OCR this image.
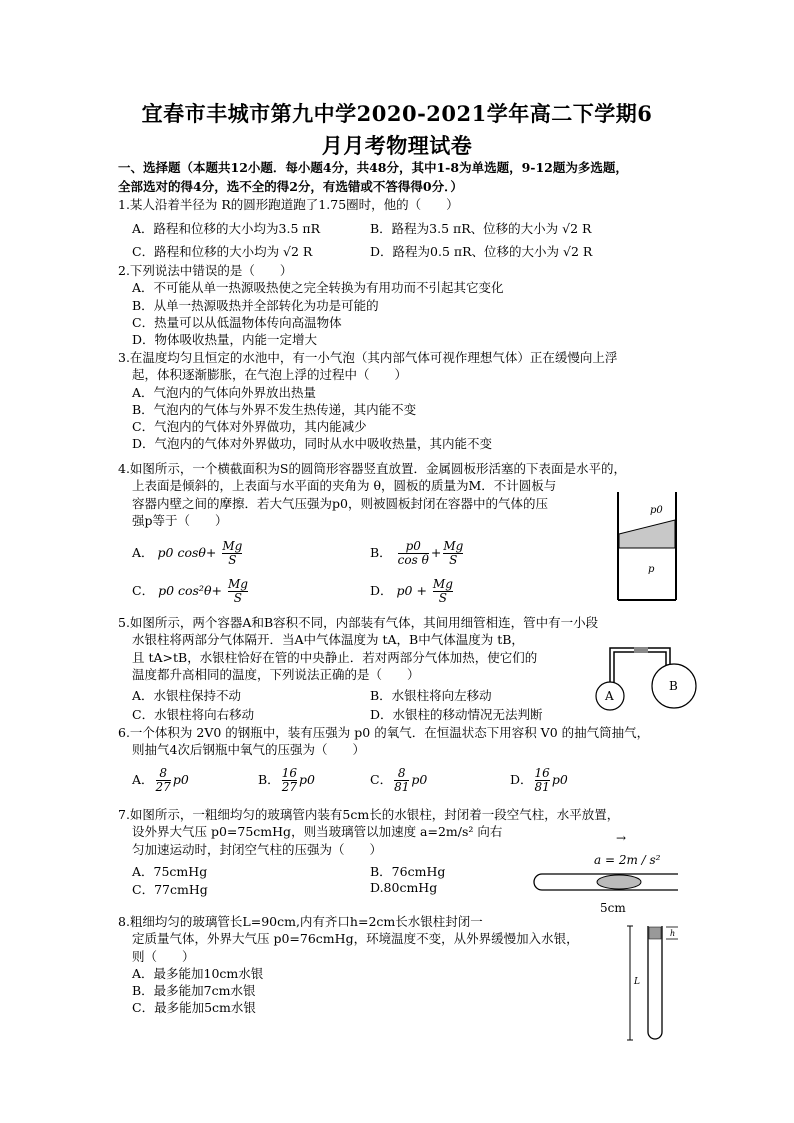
宜春市丰城市第九中学2020-2021学年高二下学期6
月月考物理试卷
一、选择题（本题共12小题．每小题4分，共48分，其中1-8为单选题，9-12题为多选题，
全部选对的得4分，选不全的得2分，有选错或不答得得0分．）
1.某人沿着半径为 R的圆形跑道跑了1.75圈时，他的（　　）
A．路程和位移的大小均为3.5 πR	B．路程为3.5 πR、位移的大小为 √2 R
C．路程和位移的大小均为 √2 R	D．路程为0.5 πR、位移的大小为 √2 R
2.下列说法中错误的是（　　）
A．不可能从单一热源吸热使之完全转换为有用功而不引起其它变化
B．从单一热源吸热并全部转化为功是可能的
C．热量可以从低温物体传向高温物体
D．物体吸收热量，内能一定增大
3.在温度均匀且恒定的水池中，有一小气泡（其内部气体可视作理想气体）正在缓慢向上浮
起，体积逐渐膨胀，在气泡上浮的过程中（　　）
A．气泡内的气体向外界放出热量
B．气泡内的气体与外界不发生热传递，其内能不变
C．气泡内的气体对外界做功，其内能减少
D．气泡内的气体对外界做功，同时从水中吸收热量，其内能不变
4.如图所示，一个横截面积为S的圆筒形容器竖直放置．金属圆板形活塞的下表面是水平的，
上表面是倾斜的，上表面与水平面的夹角为 θ，圆板的质量为M．不计圆板与
容器内壁之间的摩擦．若大气压强为p0，则被圆板封闭在容器中的气体的压
强p等于（　　）
A． p0 $\cos\theta+ \frac{Mg}{S}$	B． $\frac{p0}{\text{cos θ}} + \frac{Mg}{S}$
C． p0 $\cos^2\theta+ \frac{Mg}{S}$	D． $p0 + \frac{Mg}{S}$
p0
p
5.如图所示，两个容器A和B容积不同，内部装有气体，其间用细管相连，管中有一小段
水银柱将两部分气体隔开．当A中气体温度为 tA，B中气体温度为 tB，
且 tA>tB，水银柱恰好在管的中央静止．若对两部分气体加热，使它们的
温度都升高相同的温度，下列说法正确的是（　　）
A．水银柱保持不动	B．水银柱将向左移动
C．水银柱将向右移动	D．水银柱的移动情况无法判断
A
B
6.一个体积为 2V0 的钢瓶中，装有压强为 p0 的氧气．在恒温状态下用容积 V0 的抽气筒抽气，
则抽气4次后钢瓶中氧气的压强为（　　）
A． $\frac{8}{27} p0$	B． $\frac{16}{27} p0$	C． $\frac{8}{81} p0$	D． $\frac{16}{81} p0$
7.如图所示，一粗细均匀的玻璃管内装有5cm长的水银柱，封闭着一段空气柱，水平放置，
设外界大气压 p0=75cmHg，则当玻璃管以加速度 a=2m/s² 向右
匀加速运动时，封闭空气柱的压强为（　　）
A．75cmHg	B．76cmHg
C．77cmHg	D.80cmHg
→
a = 2m / s²
5cm
8.粗细均匀的玻璃管长L=90cm,内有齐口h=2cm长水银柱封闭一
定质量气体，外界大气压 p0=76cmHg，环境温度不变，从外界缓慢加入水银，
则（　　）
A．最多能加10cm水银
B．最多能加7cm水银
C．最多能加5cm水银
h
L
